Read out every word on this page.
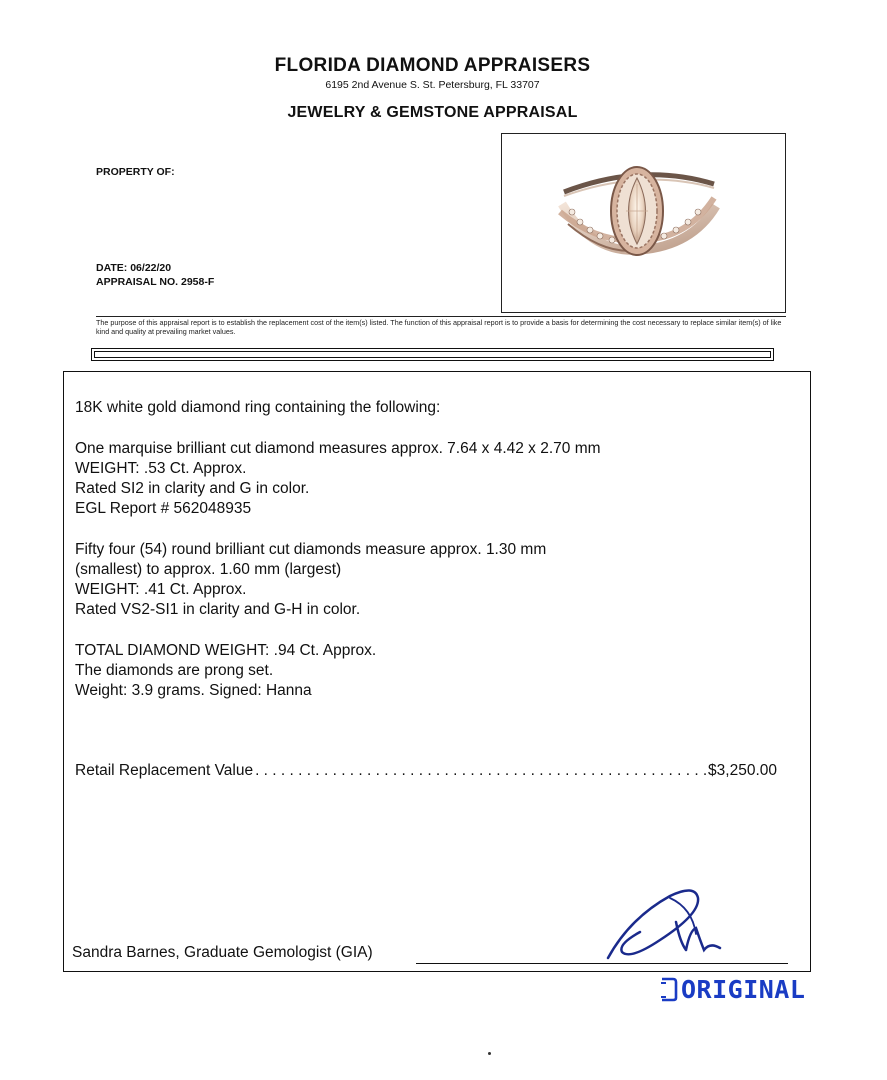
FLORIDA DIAMOND APPRAISERS

6195 2nd Avenue S. St. Petersburg, FL 33707

JEWELRY & GEMSTONE APPRAISAL
PROPERTY OF:
DATE: 06/22/20
APPRAISAL NO. 2958-F
The purpose of this appraisal report is to establish the replacement cost of the item(s) listed. The function of this appraisal report is to provide a basis for determining the cost necessary to replace similar item(s) of like kind and quality at prevailing market values.

18K white gold diamond ring containing the following:

One marquise brilliant cut diamond measures approx. 7.64 x 4.42 x 2.70 mm

WEIGHT: .53 Ct. Approx.

Rated SI2 in clarity and G in color.

EGL Report # 562048935

Fifty four (54) round brilliant cut diamonds measure approx. 1.30 mm

(smallest) to approx. 1.60 mm (largest)

WEIGHT: .41 Ct. Approx.

Rated VS2-SI1 in clarity and G-H in color.

TOTAL DIAMOND WEIGHT: .94 Ct. Approx.

The diamonds are prong set.

Weight: 3.9 grams. Signed: Hanna

Retail Replacement Value
. . .	$3,250.00
Sandra Barnes, Graduate Gemologist (GIA)
ORIGINAL
